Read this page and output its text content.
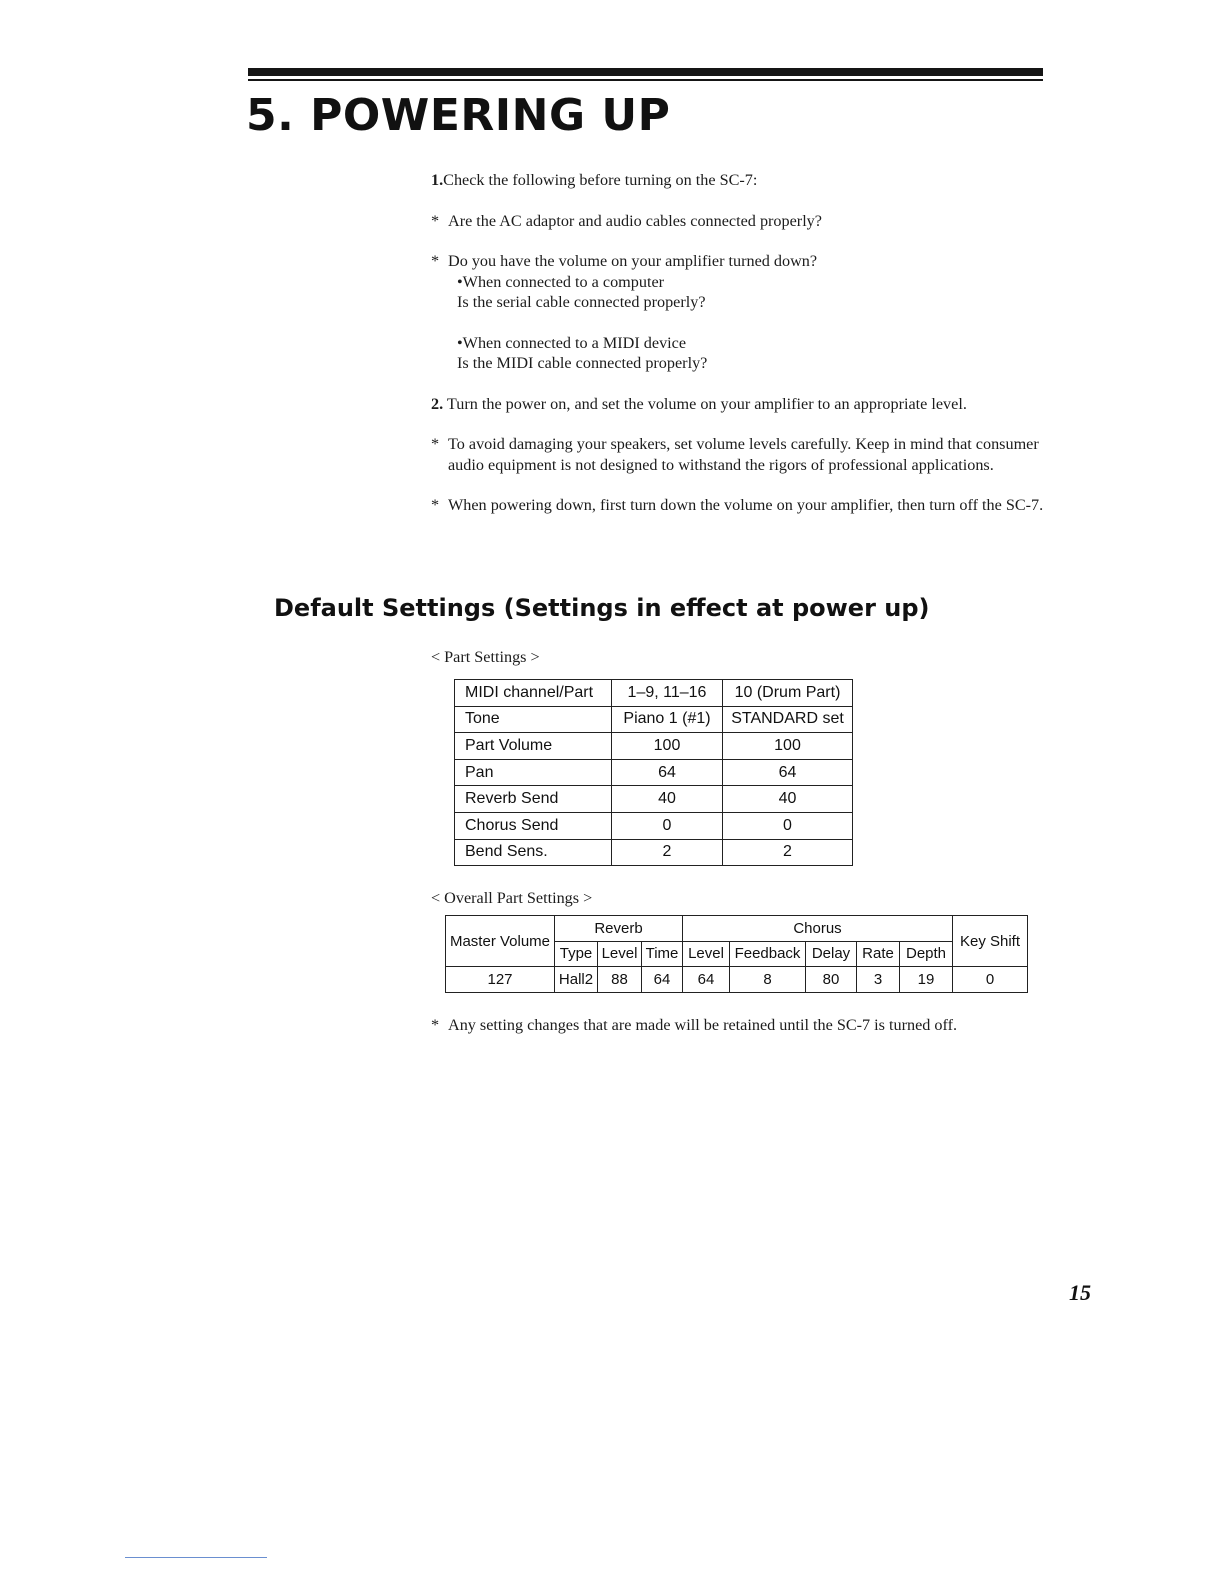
5. POWERING UP

1.Check the following before turning on the SC-7:

* Are the AC adaptor and audio cables connected properly?
* Do you have the volume on your amplifier turned down?
•When connected to a computer
Is the serial cable connected properly?
•When connected to a MIDI device
Is the MIDI cable connected properly?

2. Turn the power on, and set the volume on your amplifier to an appropriate level.

* To avoid damaging your speakers, set volume levels carefully. Keep in mind that consumer audio equipment is not designed to withstand the rigors of professional applications.
* When powering down, first turn down the volume on your amplifier, then turn off the SC-7.
Default Settings (Settings in effect at power up)
< Part Settings >
MIDI channel/Part	1–9, 11–16	10 (Drum Part)
Tone	Piano 1 (#1)	STANDARD set
Part Volume	100	100
Pan	64	64
Reverb Send	40	40
Chorus Send	0	0
Bend Sens.	2	2
< Overall Part Settings >
Master Volume	Reverb			Chorus					Key Shift
	Type	Level	Time	Level	Feedback	Delay	Rate	Depth	
127	Hall2	88	64	64	8	80	3	19	0
* Any setting changes that are made will be retained until the SC-7 is turned off.
15
